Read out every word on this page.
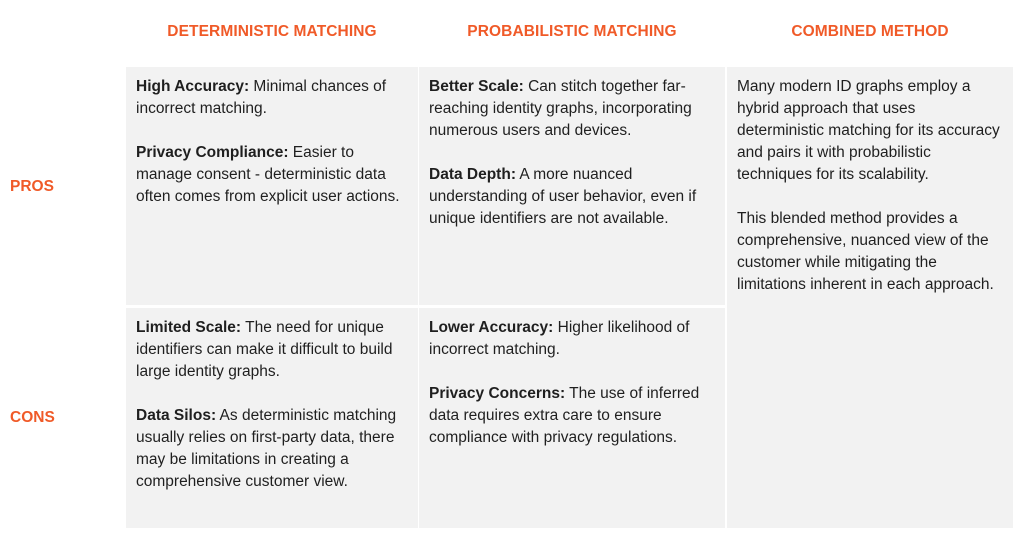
DETERMINISTIC MATCHING	PROBABILISTIC MATCHING	COMBINED METHOD
PROS
CONS

High Accuracy: Minimal chances of incorrect matching.

Privacy Compliance: Easier to manage consent - deterministic data often comes from explicit user actions.

Limited Scale: The need for unique identifiers can make it difficult to build large identity graphs.

Data Silos: As deterministic matching usually relies on first-party data, there may be limitations in creating a comprehensive customer view.

Better Scale: Can stitch together far-reaching identity graphs, incorporating numerous users and devices.

Data Depth: A more nuanced understanding of user behavior, even if unique identifiers are not available.

Lower Accuracy: Higher likelihood of incorrect matching.

Privacy Concerns: The use of inferred data requires extra care to ensure compliance with privacy regulations.

Many modern ID graphs employ a hybrid approach that uses deterministic matching for its accuracy and pairs it with probabilistic techniques for its scalability.

This blended method provides a comprehensive, nuanced view of the customer while mitigating the limitations inherent in each approach.
